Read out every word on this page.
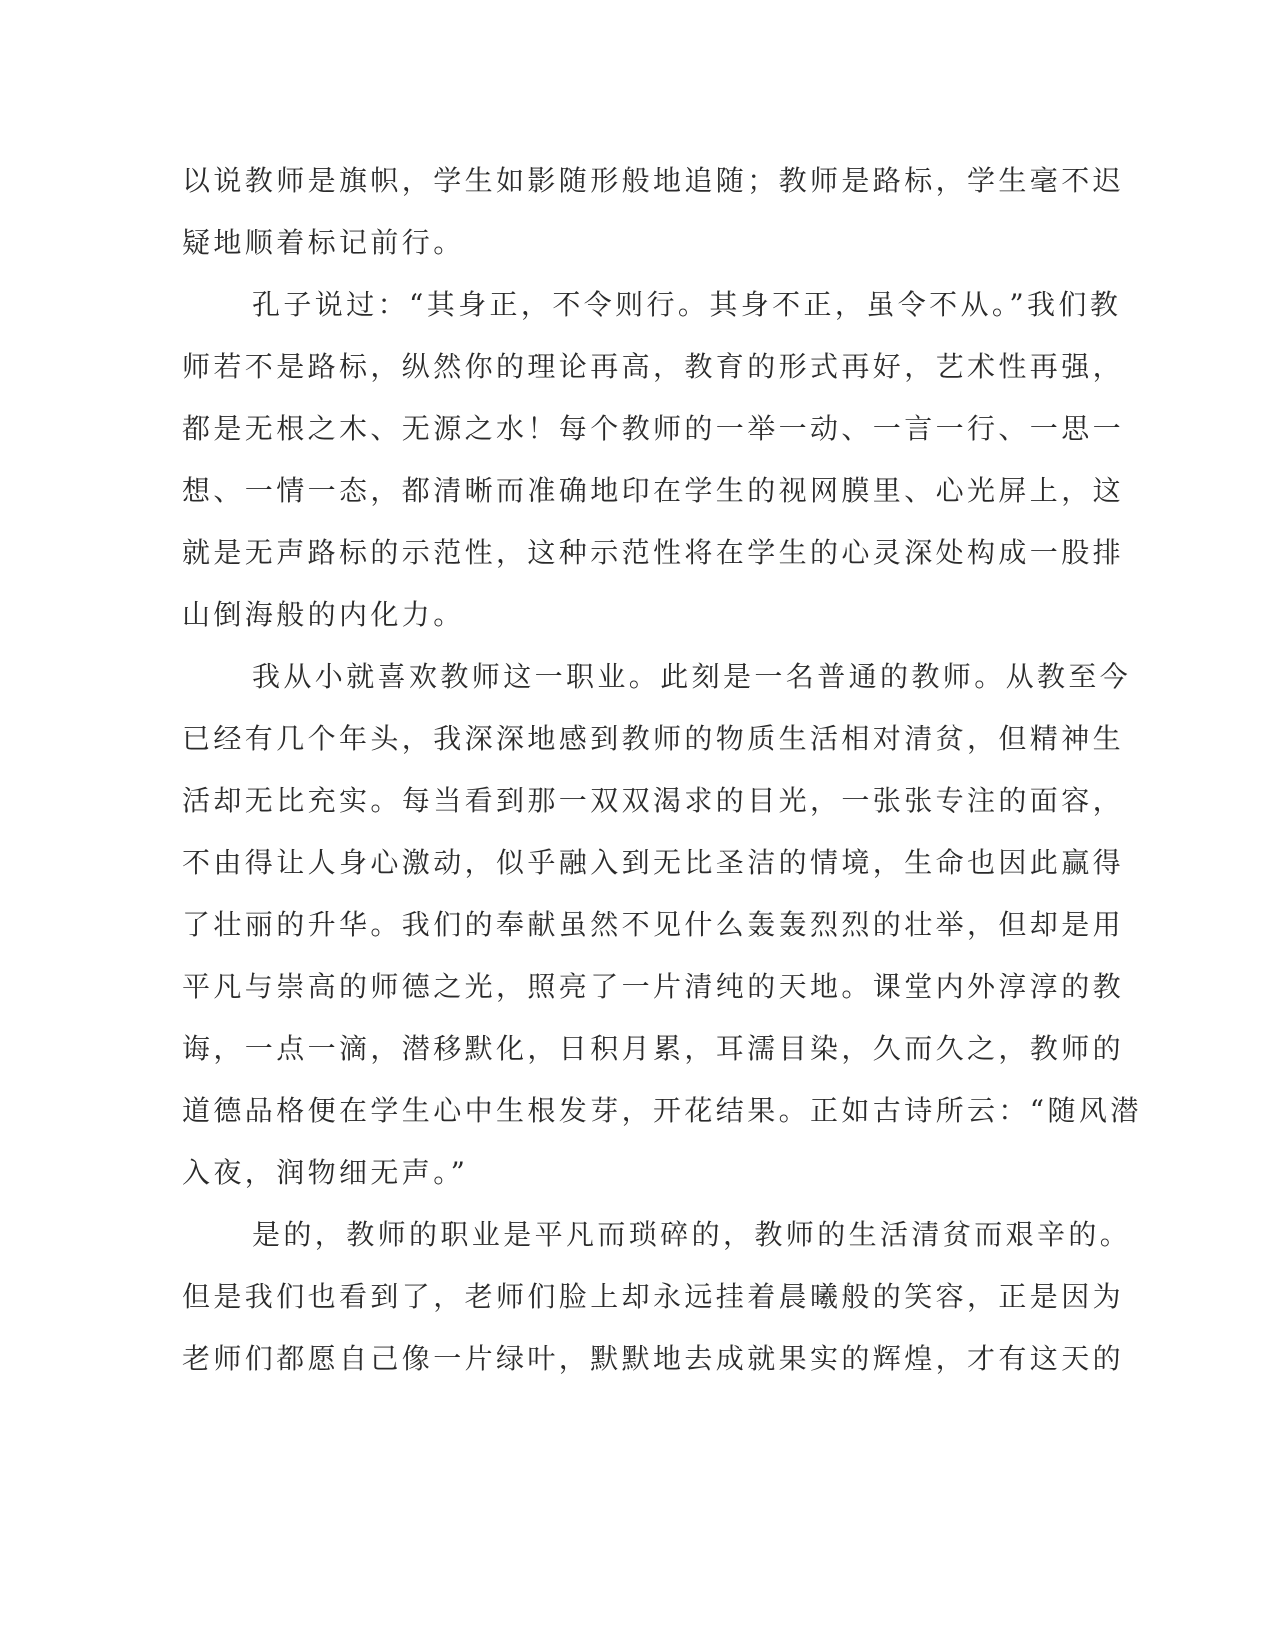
以说教师是旗帜，学生如影随形般地追随；教师是路标，学生毫不迟
疑地顺着标记前行。
孔子说过：“其身正，不令则行。其身不正，虽令不从。”我们教
师若不是路标，纵然你的理论再高，教育的形式再好，艺术性再强，
都是无根之木、无源之水！每个教师的一举一动、一言一行、一思一
想、一情一态，都清晰而准确地印在学生的视网膜里、心光屏上，这
就是无声路标的示范性，这种示范性将在学生的心灵深处构成一股排
山倒海般的内化力。
我从小就喜欢教师这一职业。此刻是一名普通的教师。从教至今
已经有几个年头，我深深地感到教师的物质生活相对清贫，但精神生
活却无比充实。每当看到那一双双渴求的目光，一张张专注的面容，
不由得让人身心激动，似乎融入到无比圣洁的情境，生命也因此赢得
了壮丽的升华。我们的奉献虽然不见什么轰轰烈烈的壮举，但却是用
平凡与崇高的师德之光，照亮了一片清纯的天地。课堂内外淳淳的教
诲，一点一滴，潜移默化，日积月累，耳濡目染，久而久之，教师的
道德品格便在学生心中生根发芽，开花结果。正如古诗所云：“随风潜
入夜，润物细无声。”
是的，教师的职业是平凡而琐碎的，教师的生活清贫而艰辛的。
但是我们也看到了，老师们脸上却永远挂着晨曦般的笑容，正是因为
老师们都愿自己像一片绿叶，默默地去成就果实的辉煌，才有这天的
